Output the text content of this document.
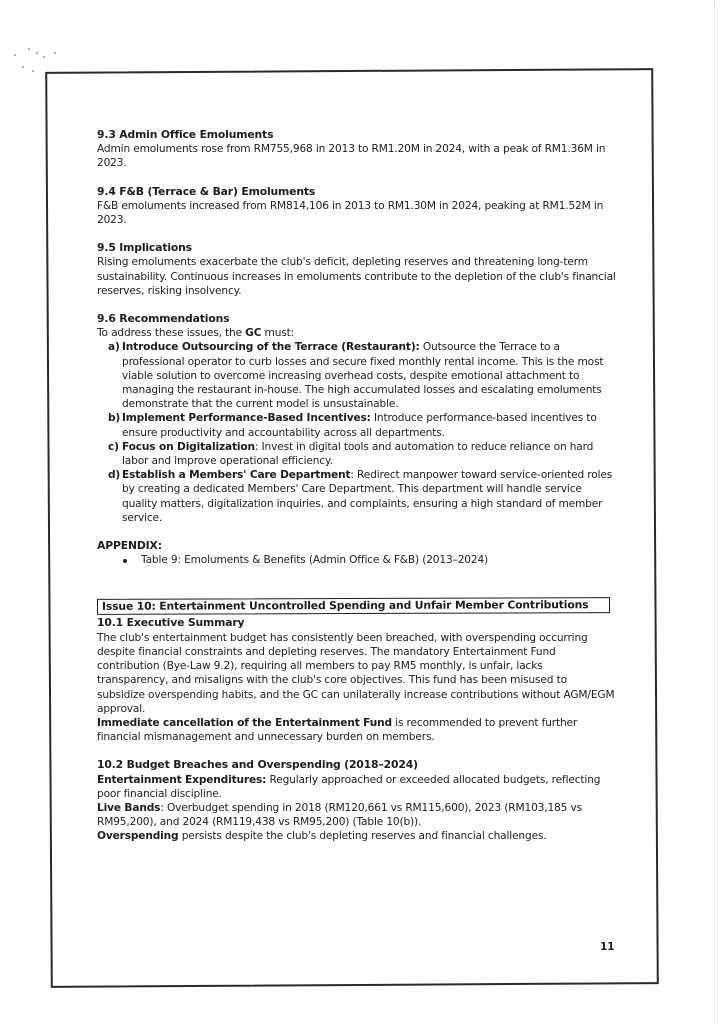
9.3 Admin Office Emoluments

Admin emoluments rose from RM755,968 in 2013 to RM1.20M in 2024, with a peak of RM1.36M in 2023.

9.4 F&B (Terrace & Bar) Emoluments

F&B emoluments increased from RM814,106 in 2013 to RM1.30M in 2024, peaking at RM1.52M in 2023.

9.5 Implications

Rising emoluments exacerbate the club's deficit, depleting reserves and threatening long-term sustainability. Continuous increases in emoluments contribute to the depletion of the club's financial reserves, risking insolvency.

9.6 Recommendations

To address these issues, the GC must:

a) Introduce Outsourcing of the Terrace (Restaurant): Outsource the Terrace to a professional operator to curb losses and secure fixed monthly rental income. This is the most viable solution to overcome increasing overhead costs, despite emotional attachment to managing the restaurant in-house. The high accumulated losses and escalating emoluments demonstrate that the current model is unsustainable.
b) Implement Performance-Based Incentives: Introduce performance-based incentives to ensure productivity and accountability across all departments.
c) Focus on Digitalization: Invest in digital tools and automation to reduce reliance on hard labor and improve operational efficiency.
d) Establish a Members' Care Department: Redirect manpower toward service-oriented roles by creating a dedicated Members' Care Department. This department will handle service quality matters, digitalization inquiries, and complaints, ensuring a high standard of member service.
APPENDIX:
Table 9: Emoluments & Benefits (Admin Office & F&B) (2013–2024)
Issue 10: Entertainment Uncontrolled Spending and Unfair Member Contributions
10.1 Executive Summary

The club's entertainment budget has consistently been breached, with overspending occurring despite financial constraints and depleting reserves. The mandatory Entertainment Fund contribution (Bye-Law 9.2), requiring all members to pay RM5 monthly, is unfair, lacks transparency, and misaligns with the club's core objectives. This fund has been misused to subsidize overspending habits, and the GC can unilaterally increase contributions without AGM/EGM approval.

Immediate cancellation of the Entertainment Fund is recommended to prevent further financial mismanagement and unnecessary burden on members.

10.2 Budget Breaches and Overspending (2018–2024)

Entertainment Expenditures: Regularly approached or exceeded allocated budgets, reflecting poor financial discipline.

Live Bands: Overbudget spending in 2018 (RM120,661 vs RM115,600), 2023 (RM103,185 vs RM95,200), and 2024 (RM119,438 vs RM95,200) (Table 10(b)).

Overspending persists despite the club's depleting reserves and financial challenges.

11
